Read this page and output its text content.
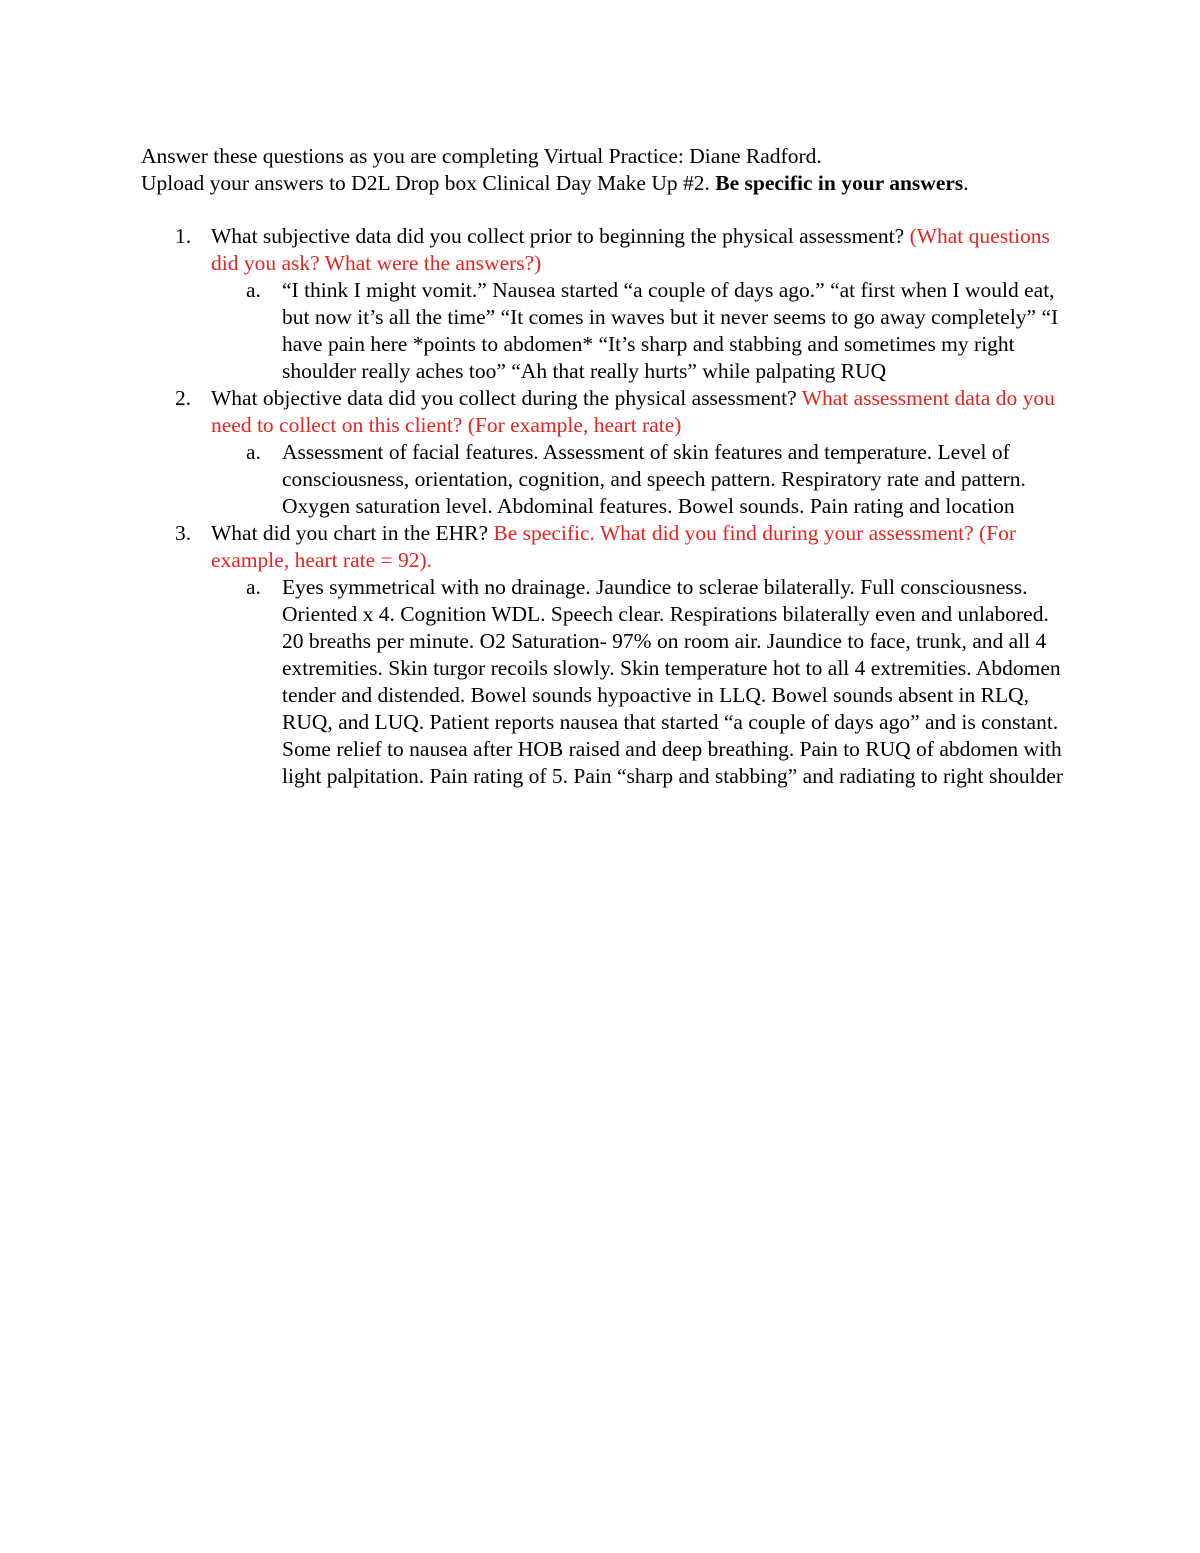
Answer these questions as you are completing Virtual Practice: Diane Radford.

Upload your answers to D2L Drop box Clinical Day Make Up #2. Be specific in your answers.

1. What subjective data did you collect prior to beginning the physical assessment? (What questions did you ask? What were the answers?)
a. “I think I might vomit.” Nausea started “a couple of days ago.” “at first when I would eat, but now it’s all the time” “It comes in waves but it never seems to go away completely” “I have pain here *points to abdomen* “It’s sharp and stabbing and sometimes my right shoulder really aches too” “Ah that really hurts” while palpating RUQ
2. What objective data did you collect during the physical assessment? What assessment data do you need to collect on this client? (For example, heart rate)
a. Assessment of facial features. Assessment of skin features and temperature. Level of consciousness, orientation, cognition, and speech pattern. Respiratory rate and pattern. Oxygen saturation level. Abdominal features. Bowel sounds. Pain rating and location
3. What did you chart in the EHR? Be specific. What did you find during your assessment? (For example, heart rate = 92).
a. Eyes symmetrical with no drainage. Jaundice to sclerae bilaterally. Full consciousness. Oriented x 4. Cognition WDL. Speech clear. Respirations bilaterally even and unlabored. 20 breaths per minute. O2 Saturation- 97% on room air. Jaundice to face, trunk, and all 4 extremities. Skin turgor recoils slowly. Skin temperature hot to all 4 extremities. Abdomen tender and distended. Bowel sounds hypoactive in LLQ. Bowel sounds absent in RLQ, RUQ, and LUQ. Patient reports nausea that started “a couple of days ago” and is constant. Some relief to nausea after HOB raised and deep breathing. Pain to RUQ of abdomen with light palpitation. Pain rating of 5. Pain “sharp and stabbing” and radiating to right shoulder
